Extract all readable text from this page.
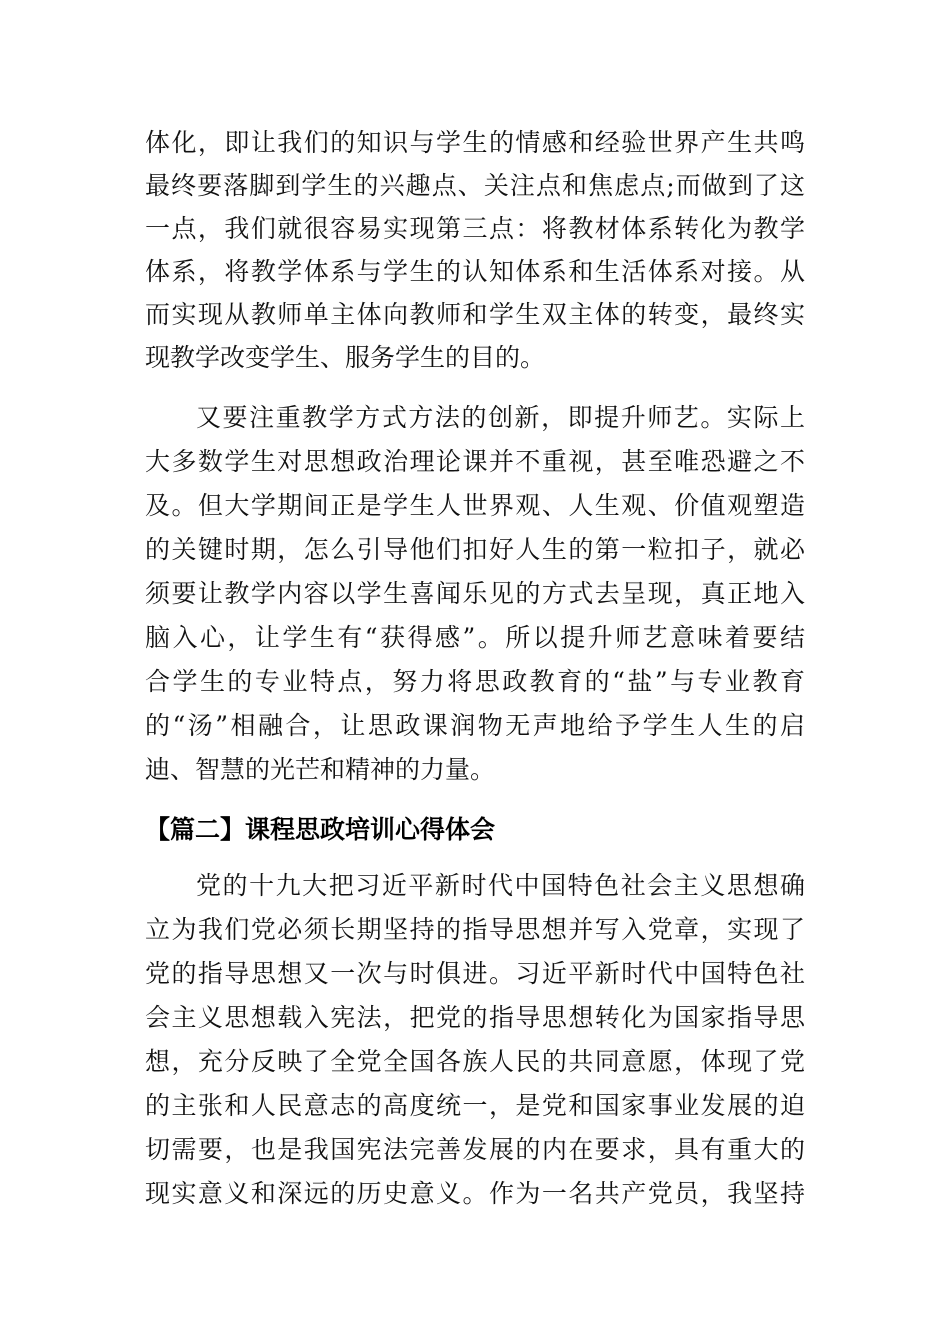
体化，即让我们的知识与学生的情感和经验世界产生共鸣
最终要落脚到学生的兴趣点、关注点和焦虑点;而做到了这
一点，我们就很容易实现第三点：将教材体系转化为教学
体系，将教学体系与学生的认知体系和生活体系对接。从
而实现从教师单主体向教师和学生双主体的转变，最终实
现教学改变学生、服务学生的目的。
又要注重教学方式方法的创新，即提升师艺。实际上
大多数学生对思想政治理论课并不重视，甚至唯恐避之不
及。但大学期间正是学生人世界观、人生观、价值观塑造
的关键时期，怎么引导他们扣好人生的第一粒扣子，就必
须要让教学内容以学生喜闻乐见的方式去呈现，真正地入
脑入心，让学生有“获得感”。所以提升师艺意味着要结
合学生的专业特点，努力将思政教育的“盐”与专业教育
的“汤”相融合，让思政课润物无声地给予学生人生的启
迪、智慧的光芒和精神的力量。
【篇二】课程思政培训心得体会
党的十九大把习近平新时代中国特色社会主义思想确
立为我们党必须长期坚持的指导思想并写入党章，实现了
党的指导思想又一次与时俱进。习近平新时代中国特色社
会主义思想载入宪法，把党的指导思想转化为国家指导思
想，充分反映了全党全国各族人民的共同意愿，体现了党
的主张和人民意志的高度统一，是党和国家事业发展的迫
切需要，也是我国宪法完善发展的内在要求，具有重大的
现实意义和深远的历史意义。作为一名共产党员，我坚持
